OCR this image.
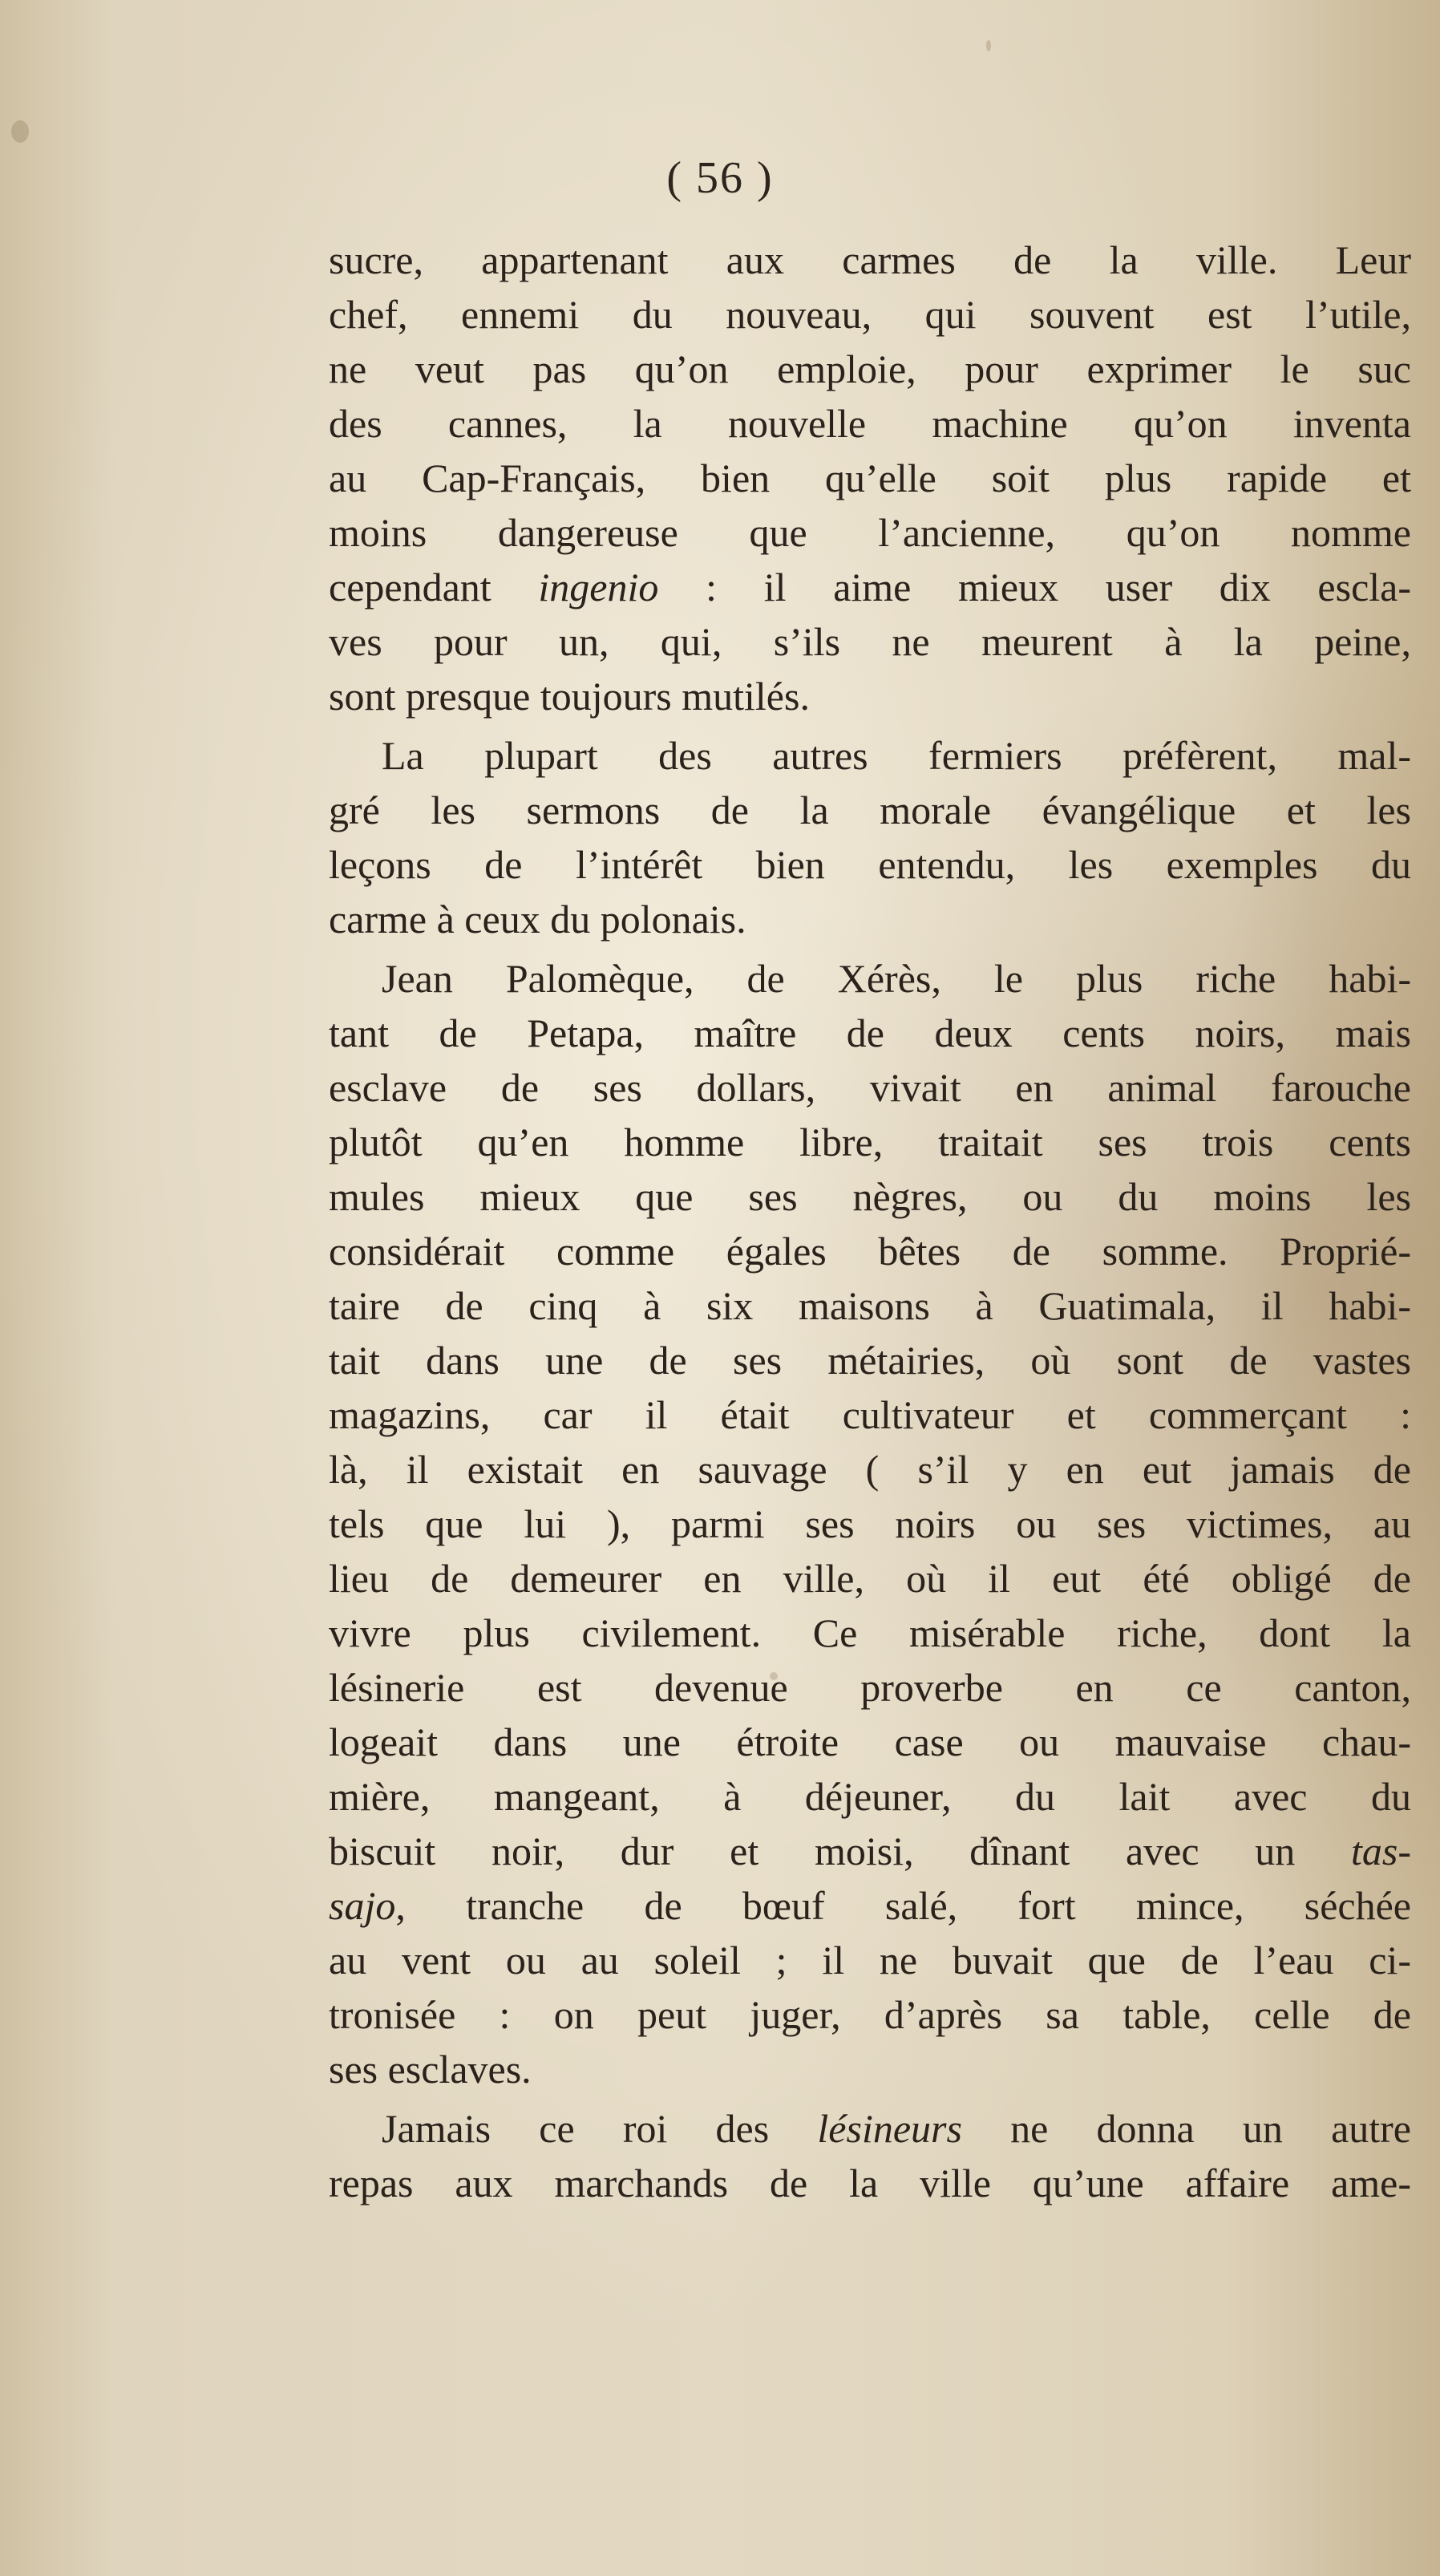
( 56 )
sucre, appartenant aux carmes de la ville. Leur
chef, ennemi du nouveau, qui souvent est l’utile,
ne veut pas qu’on emploie, pour exprimer le suc
des cannes, la nouvelle machine qu’on inventa
au Cap-Français, bien qu’elle soit plus rapide et
moins dangereuse que l’ancienne, qu’on nomme
cependant ingenio : il aime mieux user dix escla-
ves pour un, qui, s’ils ne meurent à la peine,
sont presque toujours mutilés.
La plupart des autres fermiers préfèrent, mal-
gré les sermons de la morale évangélique et les
leçons de l’intérêt bien entendu, les exemples du
carme à ceux du polonais.
Jean Palomèque, de Xérès, le plus riche habi-
tant de Petapa, maître de deux cents noirs, mais
esclave de ses dollars, vivait en animal farouche
plutôt qu’en homme libre, traitait ses trois cents
mules mieux que ses nègres, ou du moins les
considérait comme égales bêtes de somme. Proprié-
taire de cinq à six maisons à Guatimala, il habi-
tait dans une de ses métairies, où sont de vastes
magazins, car il était cultivateur et commerçant :
là, il existait en sauvage ( s’il y en eut jamais de
tels que lui ), parmi ses noirs ou ses victimes, au
lieu de demeurer en ville, où il eut été obligé de
vivre plus civilement. Ce misérable riche, dont la
lésinerie est devenue proverbe en ce canton,
logeait dans une étroite case ou mauvaise chau-
mière, mangeant, à déjeuner, du lait avec du
biscuit noir, dur et moisi, dînant avec un tas-
sajo, tranche de bœuf salé, fort mince, séchée
au vent ou au soleil ; il ne buvait que de l’eau ci-
tronisée : on peut juger, d’après sa table, celle de
ses esclaves.
Jamais ce roi des lésineurs ne donna un autre
repas aux marchands de la ville qu’une affaire ame-
